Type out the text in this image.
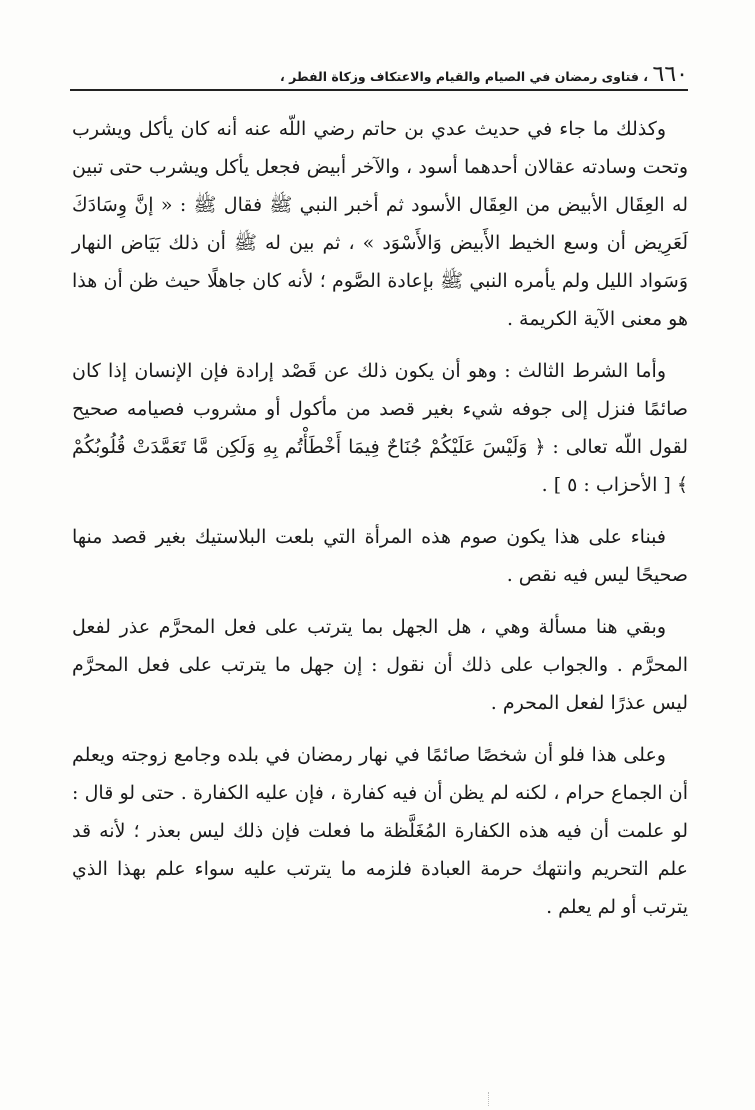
٦٦٠
، فتاوى رمضان في الصيام والقيام والاعتكاف وزكاة الفطر ،

وكذلك ما جاء في حديث عدي بن حاتم رضي اللّه عنه أنه كان يأكل ويشرب وتحت وسادته عقالان أحدهما أسود ، والآخر أبيض فجعل يأكل ويشرب حتى تبين له العِقَال الأبيض من العِقَال الأسود ثم أخبر النبي ﷺ فقال ﷺ : « إنَّ وِسَادَكَ لَعَرِيض أن وسع الخيط الأَبيض وَالأَسْوَد » ، ثم بين له ﷺ أن ذلك بَيَاض النهار وَسَواد الليل ولم يأمره النبي ﷺ بإعادة الصَّوم ؛ لأنه كان جاهلًا حيث ظن أن هذا هو معنى الآية الكريمة .

وأما الشرط الثالث : وهو أن يكون ذلك عن قَصْد إرادة فإن الإنسان إذا كان صائمًا فنزل إلى جوفه شيء بغير قصد من مأكول أو مشروب فصيامه صحيح لقول اللّه تعالى : ﴿ وَلَيْسَ عَلَيْكُمْ جُنَاحٌ فِيمَا أَخْطَأْتُم بِهِ وَلَكِن مَّا تَعَمَّدَتْ قُلُوبُكُمْ ﴾ [ الأحزاب : ٥ ] .

فبناء على هذا يكون صوم هذه المرأة التي بلعت البلاستيك بغير قصد منها صحيحًا ليس فيه نقص .

وبقي هنا مسألة وهي ، هل الجهل بما يترتب على فعل المحرَّم عذر لفعل المحرَّم . والجواب على ذلك أن نقول : إن جهل ما يترتب على فعل المحرَّم ليس عذرًا لفعل المحرم .

وعلى هذا فلو أن شخصًا صائمًا في نهار رمضان في بلده وجامع زوجته ويعلم أن الجماع حرام ، لكنه لم يظن أن فيه كفارة ، فإن عليه الكفارة . حتى لو قال : لو علمت أن فيه هذه الكفارة المُغَلَّظة ما فعلت فإن ذلك ليس بعذر ؛ لأنه قد علم التحريم وانتهك حرمة العبادة فلزمه ما يترتب عليه سواء علم بهذا الذي يترتب أو لم يعلم .
